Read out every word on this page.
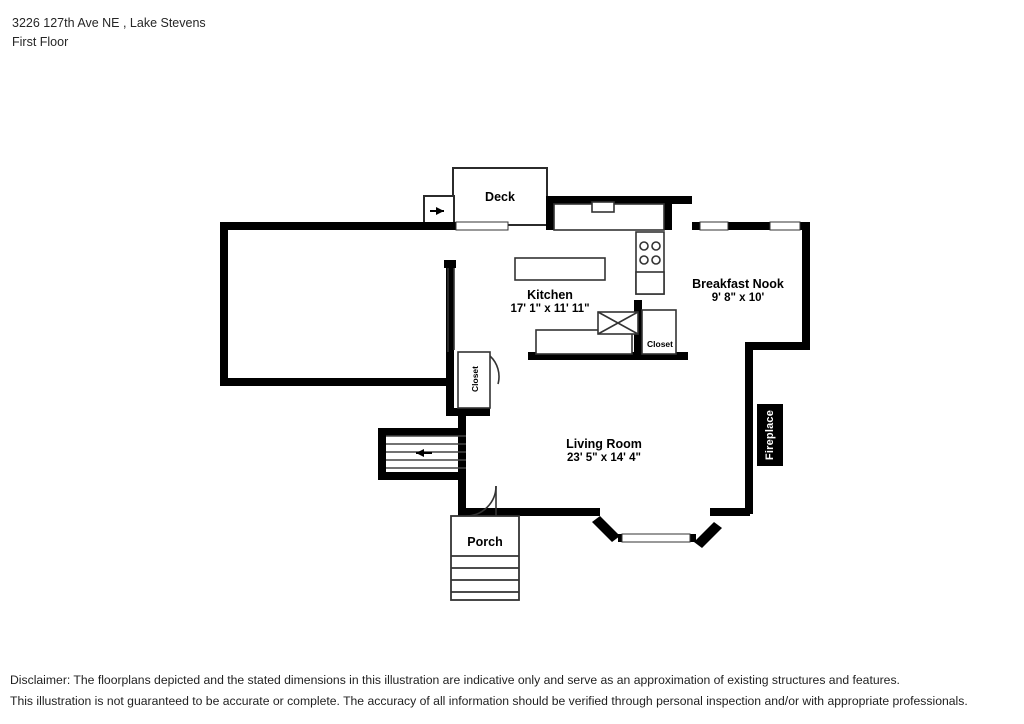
3226 127th Ave NE , Lake Stevens
First Floor
Deck
Kitchen
17' 1" x 11' 11"
Breakfast Nook
9' 8" x 10'
Living Room
23' 5" x 14' 4"
Porch
Closet
Closet
Fireplace
Disclaimer: The floorplans depicted and the stated dimensions in this illustration are indicative only and serve as an approximation of existing structures and features.
This illustration is not guaranteed to be accurate or complete. The accuracy of all information should be verified through personal inspection and/or with appropriate professionals.
